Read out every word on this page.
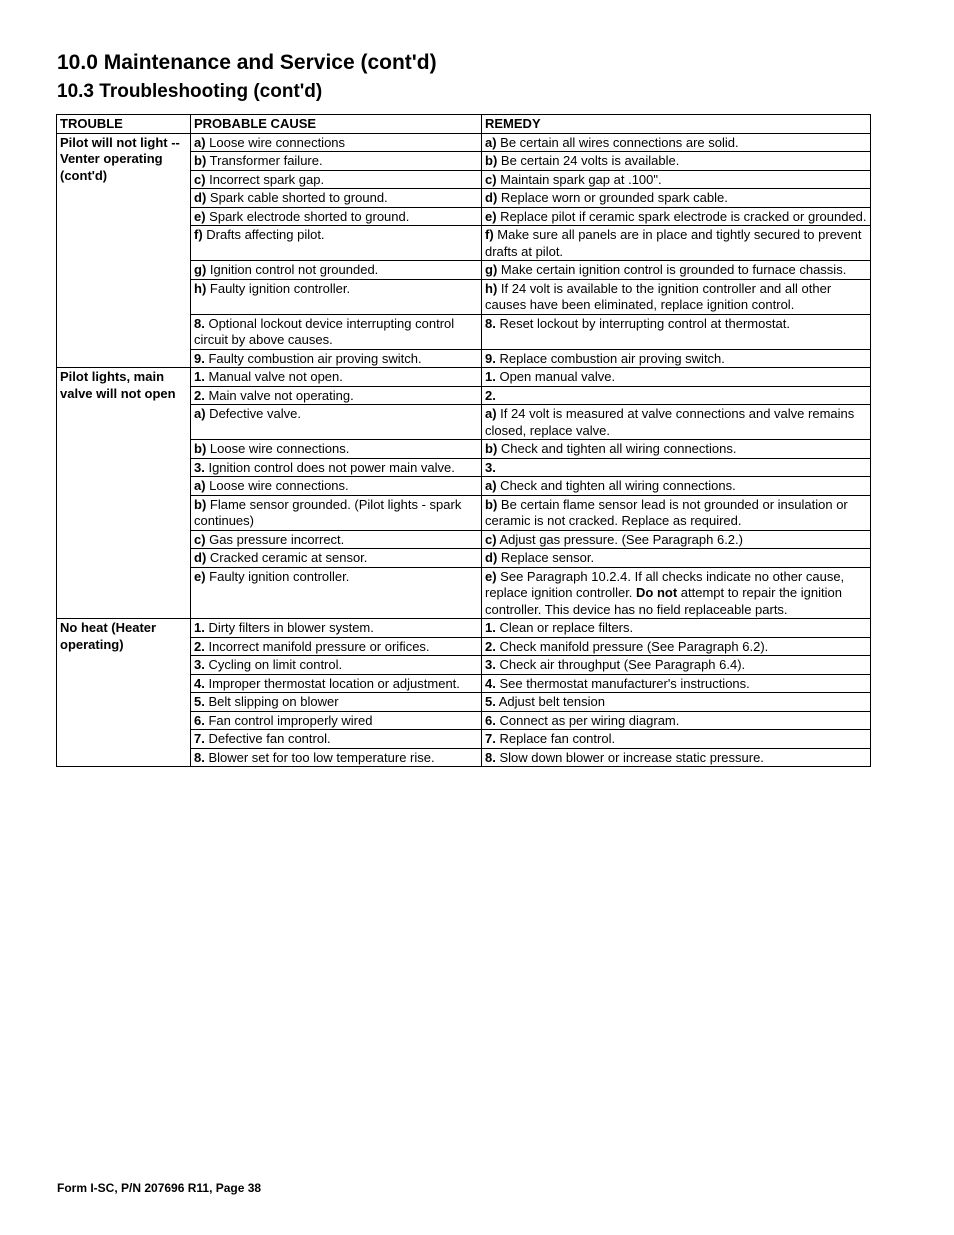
10.0 Maintenance and Service (cont'd)
10.3 Troubleshooting (cont'd)
TROUBLE	PROBABLE CAUSE	REMEDY
Pilot will not light -- Venter operating (cont'd)	a) Loose wire connections	a) Be certain all wires connections are solid.
	b) Transformer failure.	b) Be certain 24 volts is available.
	c) Incorrect spark gap.	c) Maintain spark gap at .100".
	d) Spark cable shorted to ground.	d) Replace worn or grounded spark cable.
	e) Spark electrode shorted to ground.	e) Replace pilot if ceramic spark electrode is cracked or grounded.
	f) Drafts affecting pilot.	f) Make sure all panels are in place and tightly secured to prevent drafts at pilot.
	g) Ignition control not grounded.	g) Make certain ignition control is grounded to furnace chassis.
	h) Faulty ignition controller.	h) If 24 volt is available to the ignition controller and all other causes have been eliminated, replace ignition control.
	8. Optional lockout device interrupting control circuit by above causes.	8. Reset lockout by interrupting control at thermostat.
	9. Faulty combustion air proving switch.	9. Replace combustion air proving switch.
Pilot lights, main valve will not open	1. Manual valve not open.	1. Open manual valve.
	2. Main valve not operating.	2.
	a) Defective valve.	a) If 24 volt is measured at valve connections and valve remains closed, replace valve.
	b) Loose wire connections.	b) Check and tighten all wiring connections.
	3. Ignition control does not power main valve.	3.
	a) Loose wire connections.	a) Check and tighten all wiring connections.
	b) Flame sensor grounded. (Pilot lights - spark continues)	b) Be certain flame sensor lead is not grounded or insulation or ceramic is not cracked. Replace as required.
	c) Gas pressure incorrect.	c) Adjust gas pressure. (See Paragraph 6.2.)
	d) Cracked ceramic at sensor.	d) Replace sensor.
	e) Faulty ignition controller.	e) See Paragraph 10.2.4. If all checks indicate no other cause, replace ignition controller. Do not attempt to repair the ignition controller. This device has no field replaceable parts.
No heat (Heater operating)	1. Dirty filters in blower system.	1. Clean or replace filters.
	2. Incorrect manifold pressure or orifices.	2. Check manifold pressure (See Paragraph 6.2).
	3. Cycling on limit control.	3. Check air throughput (See Paragraph 6.4).
	4. Improper thermostat location or adjustment.	4. See thermostat manufacturer's instructions.
	5. Belt slipping on blower	5. Adjust belt tension
	6. Fan control improperly wired	6. Connect as per wiring diagram.
	7. Defective fan control.	7. Replace fan control.
	8. Blower set for too low temperature rise.	8. Slow down blower or increase static pressure.
Form I-SC, P/N 207696 R11, Page 38
